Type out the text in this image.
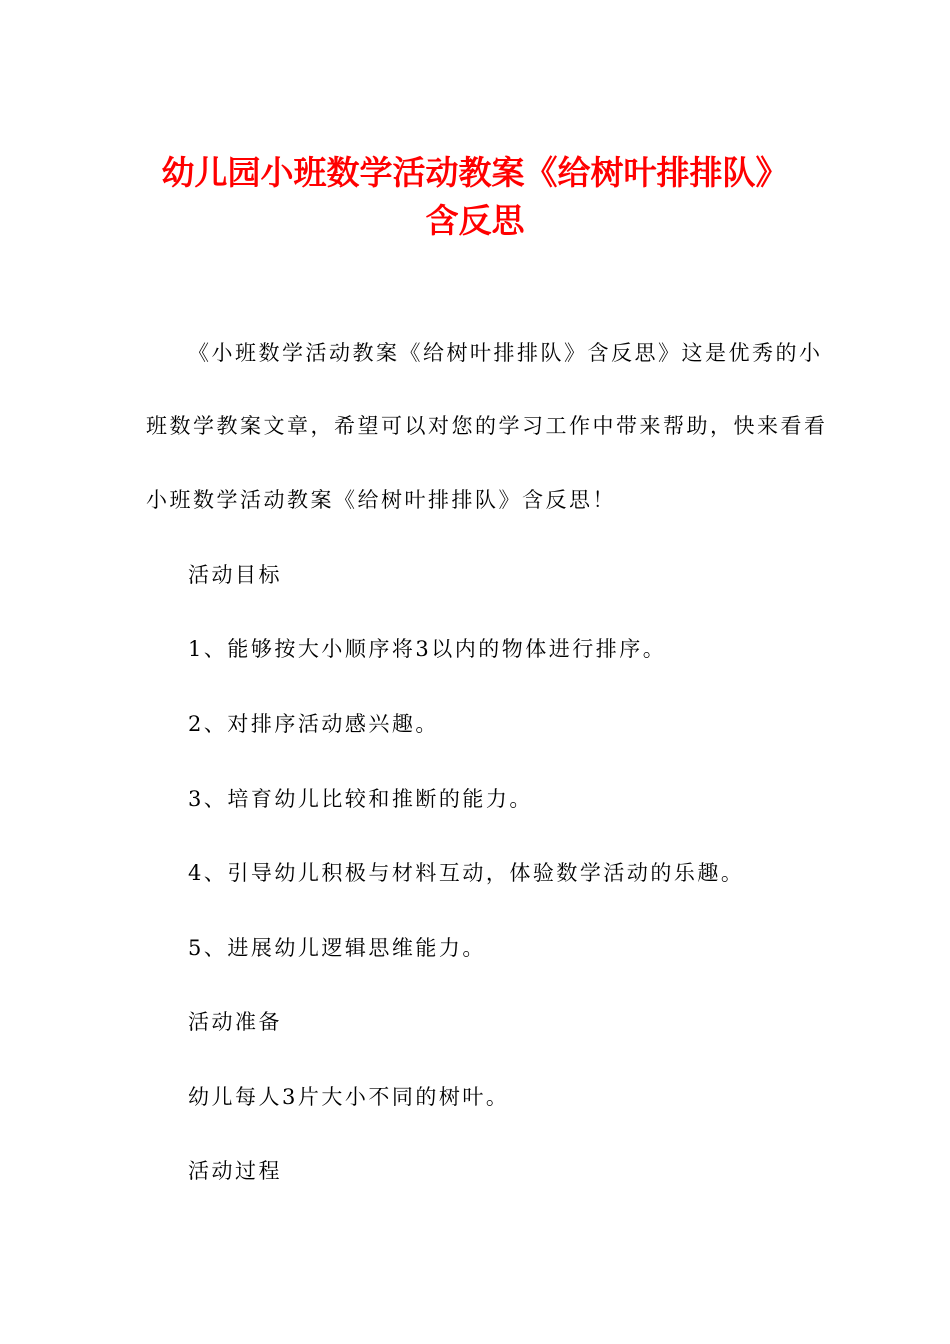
幼儿园小班数学活动教案《给树叶排排队》
含反思

《小班数学活动教案《给树叶排排队》含反思》这是优秀的小

班数学教案文章，希望可以对您的学习工作中带来帮助，快来看看

小班数学活动教案《给树叶排排队》含反思！

活动目标

1、能够按大小顺序将3以内的物体进行排序。

2、对排序活动感兴趣。

3、培育幼儿比较和推断的能力。

4、引导幼儿积极与材料互动，体验数学活动的乐趣。

5、进展幼儿逻辑思维能力。

活动准备

幼儿每人3片大小不同的树叶。

活动过程
